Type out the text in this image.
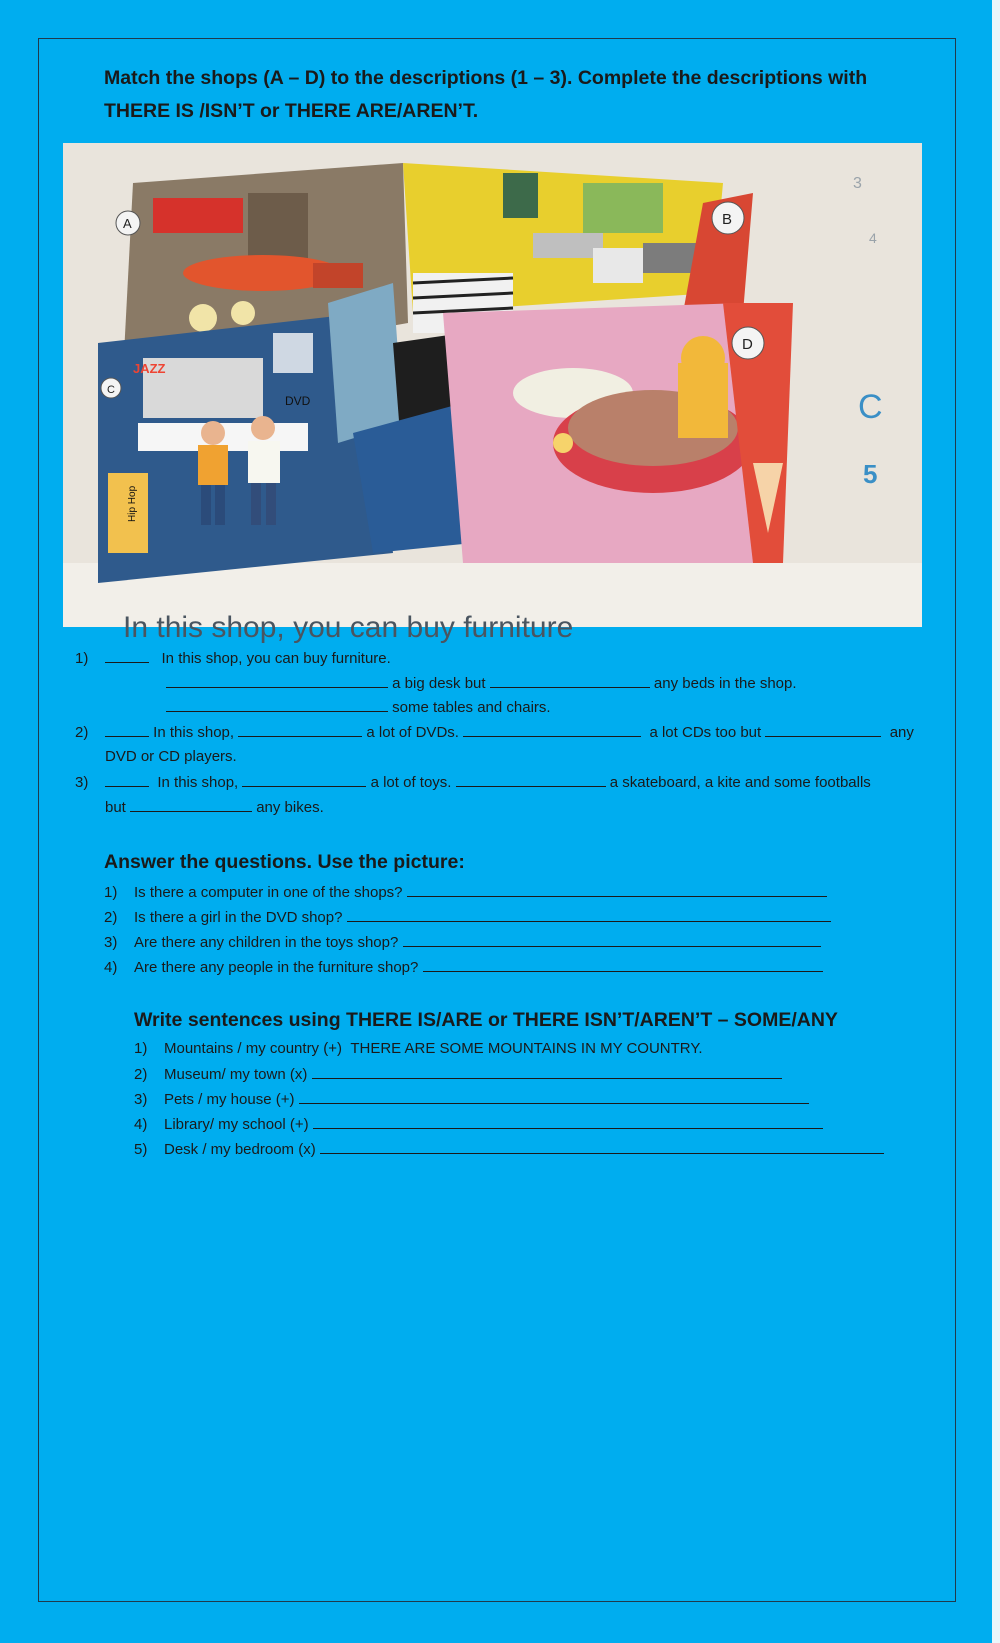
Match the shops (A – D) to the descriptions (1 – 3). Complete the descriptions with THERE IS /ISN’T or THERE ARE/AREN’T.
JAZZ
DVD
Hip Hop
A	B
C
D
3
4
C
5
In this shop, you can buy furniture
1)	In this shop, you can buy furniture.
a big desk but	any beds in the shop.
some tables and chairs.
2)	In this shop,	a lot of DVDs.	a lot CDs too but	any
DVD or CD players.
3)	In this shop,	a lot of toys.	a skateboard, a kite and some footballs
but	any bikes.
Answer the questions. Use the picture:
1) Is there a computer in one of the shops?
2) Is there a girl in the DVD shop?
3) Are there any children in the toys shop?
4) Are there any people in the furniture shop?
Write sentences using THERE IS/ARE or THERE ISN’T/AREN’T – SOME/ANY
1) Mountains / my country (+) THERE ARE SOME MOUNTAINS IN MY COUNTRY.
2) Museum/ my town (x)
3) Pets / my house (+)
4) Library/ my school (+)
5) Desk / my bedroom (x)
